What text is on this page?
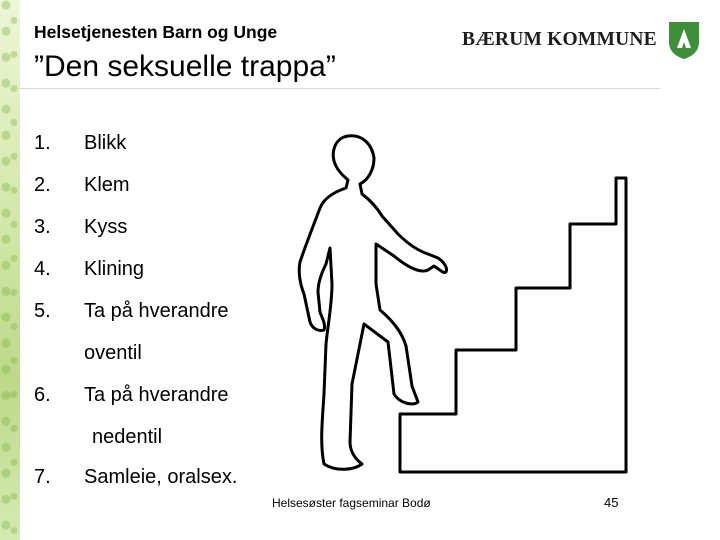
Helsetjenesten Barn og Unge
”Den seksuelle trappa”
BÆRUM KOMMUNE
1. Blikk
2. Klem
3. Kyss
4. Klining
5. Ta på hverandre
oventil
6. Ta på hverandre
nedentil
7. Samleie, oralsex.
Helsesøster fagseminar Bodø	45
